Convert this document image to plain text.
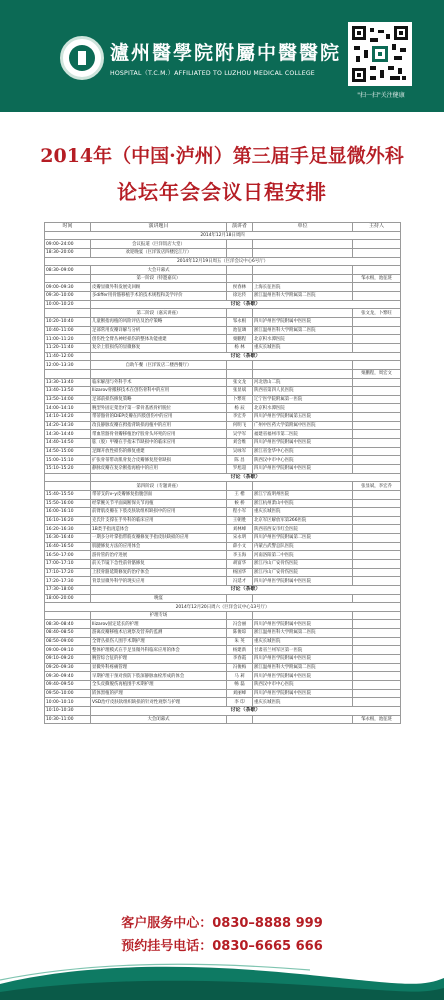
瀘州醫學院附屬中醫醫院
HOSPITAL（T.C.M.）AFFILIATED TO LUZHOU MEDICAL COLLEGE
"扫一扫"关注健康
2014年（中国·泸州）第三届手足显微外科
论坛年会会议日程安排
时间	演讲题目	演讲者	单位	主持人
2014年12月18日周四				
09:00–24:00	会议报道（巨洋饭店大堂）			
18:30–20:00	欢迎晚宴（巨洋饭店四楼沱江厅）			
2014年12月19日周五（巨洋会议中心6号厅）				
08:30–09:00	大会开幕式			
	第一阶段（特邀嘉宾）			邹永根，池征琏
09:00–09:30	皮瓣显微外科发展史回顾	侯春林	上海长征医院	
09:30–10:00	多differ用骨骼移植手术的技术规程和美学评价	徐达传	浙江温州医科大学附属第二医院	
10:00–10:20	讨论（茶歇）			
	第二阶段（嘉宾讲座）			张文龙，卜繁旺
10:20–10:40	儿童断指再植的风险评估及治疗策略	邹永根	四川泸州医学院附属中医医院	
10:40–11:00	足部常用皮瓣详解与分析	池征璘	浙江温州医科大学附属第二医院	
11:00–11:20	创伤性全臂丛神经损伤的整体功能重建	栗鹏程	北京积水潭医院	
11:20–11:40	复杂上肢损伤的显微修复	杨 林	重庆长城医院	
11:40–12:00	讨论（茶歇）			
12:00–13:30	自助午餐（巨洋饭店二楼西餐厅）			
				栗鹏程，周宏文
13:30–13:40	临床解剖与外科手术	张文龙	河北唐山二院	
13:40–13:50	Ilizarov骨搬移技术在创伤骨科中的应用	张显斌	陕西省第四人民医院	
13:50–14:00	足部前损伤修复策略	卜繁旺	辽宁医学院附属第一医院	
14:00–14:10	腕型外固定架治疗第一掌骨基底骨折脱位	杨 辰	北京积水潭医院	
14:10–14:20	带蒂髂骨的DIEP皮瓣在四肢创伤中的应用	李宏乔	四川泸州医学院附属第五医院	
14:20–14:30	改良静脉皮瓣在拇指背缺损再植中的应用	何明飞	广州中医药大学第附属中医医院	
14:30–14:40	带血管髂骨骨瓣移植治疗股骨头坏死的应用	吴学军	福建省福州市第二医院	
14:40–14:50	肱（股）甲瓣在手指末节缺损中的临床应用	刘会维	四川泸州医学院附属中医医院	
14:50–15:00	足踝开放性损伤的修复重建	吴咏军	浙江省金华中心医院	
15:00–15:10	扩张骨蒂带动肌骨复合皮瓣修复胫骨缺损	陈 昌	陕西汉中市中心医院	
15:10–15:20	静脉皮瓣在复杂断指再植中的应用	罗旭超	四川泸州医学院附属中医医院	
	讨论（茶歇）			
	第四阶段（专题讲座）			张显斌，李宏乔
15:40–15:50	带蒂支的v–y皮瓣修复指腹创面	王 楷	浙江宁波明州医院	
15:50–16:00	经掌腕关节平面离断保关节再植	候 桥	浙江杭州萧山中医院	
16:00–16:10	前臂肌皮瓣在下肢皮肤软组织缺损中的应用	程小军	重庆长城医院	
16:10–16:20	克氏针支撑在手外科的临床应用	王朝胜	北京军区解放军第266医院	
16:20–16:30	1B类手指再造体会	刘林峰	陕西省西安市红会医院	
16:30–16:40	一期多分叶掌指带筋皮瓣修复手指皮肤缺损的应用	宋永明	四川泸州医学院附属第二医院	
16:40–16:50	肌腱修复方法的应用体会	薛小文	内蒙古武警总队医院	
16:50–17:00	游骨管的治疗进展	李玉海	河南洛阳第二中医院	
17:00–17:10	前关节镜下急性前骨骼修复	胡富华	浙江丹山广安骨伤医院	
17:10–17:20	上肢骨骼延期修复的治疗体会	杨国华	浙江丹山广安骨伤医院	
17:20–17:30	背景显微外科学的现实应用	冯延才	四川泸州医学院附属中医医院	
17:30–18:00	讨论（茶歇）			
18:00–20:00	晚宴			
2014年12月20日周六（巨洋会议中心13号厅）				
	护理专场			
08:30–08:40	Ilizarov固定延长的护理	冯会丽	四川泸州医学院附属中医医院	
08:40–08:50	游离皮瓣移植术后观察及营养的监测	陈俊琼	浙江温州医科大学附属第二医院	
08:50–09:00	全臂丛损伤人围手术期护理	朱 英	重庆长城医院	
09:00–09:10	整体护理模式在手足显微外科临床应用的体会	杨建新	甘肃省兰州军区第一医院	
09:10–09:20	腕管综合征的护理	李春霞	四川泸州医学院附属中医医院	
09:20–09:30	显微外科疼痛管理	冯俊梅	浙江温州医科大学附属第二医院	
09:30–09:40	早期护理干预对预防下肢深静脉血栓形成的体会	马 莉	四川泸州医学院附属中医医院	
09:40–09:50	全头皮撕脱伤再植围手术期护理	畅 磊	陕西汉中市中心医院	
09:50–10:00	嵌体黑植的护理	刘丽峰	四川泸州医学院附属中医医院	
10:00–10:10	VSD治疗皮肤软组织缺损的针对性观察与护理	李 印	重庆长城医院	
10:10–10:30	讨论（茶歇）			
10:30–11:00	大会闭幕式			邹永根，池征琏
客户服务中心：0830–8888 999
预约挂号电话：0830–6665 666
